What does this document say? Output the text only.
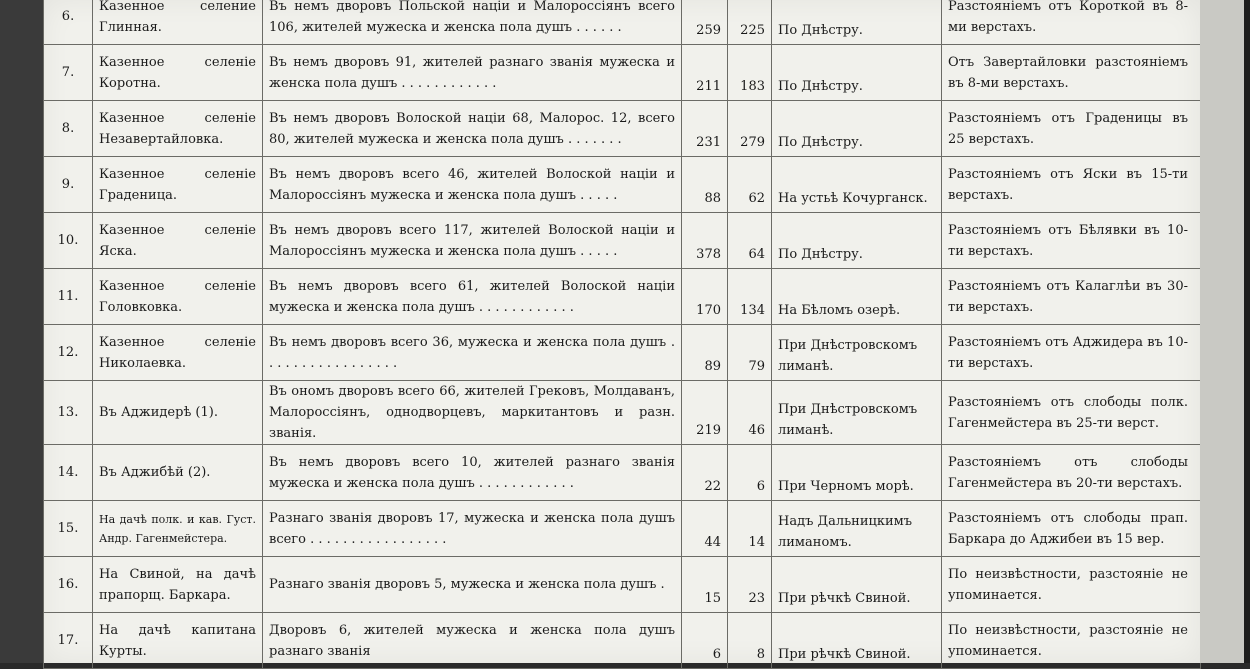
6.	Казенное селение Глинная.	Въ немъ дворовъ Польской націи и Малороссіянъ всего 106, жителей мужеска и женска пола душъ . . . . . .	259	225	По Днѣстру.	Разстояніемъ отъ Короткой въ 8-ми верстахъ.
7.	Казенное селеніе Коротна.	Въ немъ дворовъ 91, жителей разнаго званія мужеска и женска пола душъ . . . . . . . . . . . .	211	183	По Днѣстру.	Отъ Завертайловки разстояніемъ въ 8-ми верстахъ.
8.	Казенное селеніе Незавертайловка.	Въ немъ дворовъ Волоской націи 68, Малорос. 12, всего 80, жителей мужеска и женска пола душъ . . . . . . .	231	279	По Днѣстру.	Разстояніемъ отъ Граденицы въ 25 верстахъ.
9.	Казенное селеніе Граденица.	Въ немъ дворовъ всего 46, жителей Волоской націи и Малороссіянъ мужеска и женска пола душъ . . . . .	88	62	На устьѣ Кочурганск.	Разстояніемъ отъ Яски въ 15-ти верстахъ.
10.	Казенное селеніе Яска.	Въ немъ дворовъ всего 117, жителей Волоской націи и Малороссіянъ мужеска и женска пола душъ . . . . .	378	64	По Днѣстру.	Разстояніемъ отъ Бѣлявки въ 10-ти верстахъ.
11.	Казенное селеніе Головковка.	Въ немъ дворовъ всего 61, жителей Волоской націи мужеска и женска пола душъ . . . . . . . . . . . .	170	134	На Бѣломъ озерѣ.	Разстояніемъ отъ Калаглѣи въ 30-ти верстахъ.
12.	Казенное селеніе Николаевка.	Въ немъ дворовъ всего 36, мужеска и женска пола душъ . . . . . . . . . . . . . . . . .	89	79	При Днѣстровскомъ лиманѣ.	Разстояніемъ отъ Аджидера въ 10-ти верстахъ.
13.	Въ Аджидерѣ (1).	Въ ономъ дворовъ всего 66, жителей Грековъ, Молдаванъ, Малороссіянъ, однодворцевъ, маркитантовъ и разн. званія.	219	46	При Днѣстровскомъ лиманѣ.	Разстояніемъ отъ слободы полк. Гагенмейстера въ 25-ти верст.
14.	Въ Аджибѣй (2).	Въ немъ дворовъ всего 10, жителей разнаго званія мужеска и женска пола душъ . . . . . . . . . . . .	22	6	При Черномъ морѣ.	Разстояніемъ отъ слободы Гагенмейстера въ 20-ти верстахъ.
15.	На дачѣ полк. и кав. Густ. Андр. Гагенмейстера.	Разнаго званія дворовъ 17, мужеска и женска пола душъ всего . . . . . . . . . . . . . . . . .	44	14	Надъ Дальницкимъ лиманомъ.	Разстояніемъ отъ слободы прап. Баркара до Аджибеи въ 15 вер.
16.	На Свиной, на дачѣ прапорщ. Баркара.	Разнаго званія дворовъ 5, мужеска и женска пола душъ .	15	23	При рѣчкѣ Свиной.	По неизвѣстности, разстояніе не упоминается.
17.	На дачѣ капитана Курты.	Дворовъ 6, жителей мужеска и женска пола душъ разнаго званія	6	8	При рѣчкѣ Свиной.	По неизвѣстности, разстояніе не упоминается.
